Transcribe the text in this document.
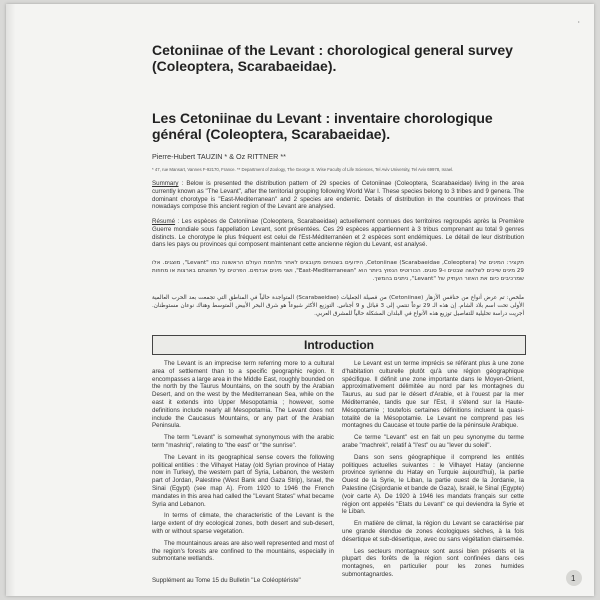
·
Cetoniinae of the Levant : chorological general survey (Coleoptera, Scarabaeidae).
Les Cetoniinae du Levant : inventaire chorologique général (Coleoptera, Scarabaeidae).
Pierre-Hubert TAUZIN * & Oz RITTNER **
* 47, rue Mansart, Vannes F-92170, France. ** Department of Zoology, The George S. Wise Faculty of Life Sciences, Tel Aviv University, Tel Aviv 69978, Israel.
Summary : Below is presented the distribution pattern of 29 species of Cetoniinae (Coleoptera, Scarabaeidae) living in the area currently known as "The Levant", after the territorial grouping following World War I. These species belong to 3 tribes and 9 genera. The dominant chorotype is "East-Mediterranean" and 2 species are endemic. Details of distribution in the countries or provinces that nowadays compose this ancient region of the Levant are analysed.
Résumé : Les espèces de Cetoniinae (Coleoptera, Scarabaeidae) actuellement connues des territoires regroupés après la Première Guerre mondiale sous l'appellation Levant, sont présentées. Ces 29 espèces appartiennent à 3 tribus comprenant au total 9 genres distincts. Le chorotype le plus fréquent est celui de l'Est-Méditerranéen et 2 espèces sont endémiques. Le détail de leur distribution dans les pays ou provinces qui composent maintenant cette ancienne région du Levant, est analysé.
תקציר: המינים של (Scarabaeidae ,Coleoptera) Cetoniinae, הידועים בשטחים מקובצים לאחר מלחמת העולם הראשונה כמו "Levant", מוצגים. אלו 29 מינים שייכים לשלושה שבטים ו-9 סוגים. הכורוטיפ הנפוץ ביותר הוא "East-Mediterranean", ושני מינים אנדמים. הפרטים על תפוצתם בארצות או מחוזות שמרכיבים כיום את האזור העתיק של "Levant", ניתנים בהמשך.
ملخص: تم عرض أنواع من خنافس الأزهار (Cetoniinae) من فصيلة الجعليات (Scarabaeidae) المتواجدة حالياً في المناطق التي تجمعت بعد الحرب العالمية الأولى تحت اسم بلاد الشام. إن هذه الـ 29 نوعاً تنتمي إلى 3 قبائل و 9 أجناس. التوزيع الأكثر شيوعاً هو شرق البحر الأبيض المتوسط وهناك نوعان مستوطنان. أجريت دراسة تحليلية للتفاصيل توزيع هذه الأنواع في البلدان المشكلة حالياً للمشرق العربي.
Introduction

The Levant is an imprecise term referring more to a cultural area of settlement than to a specific geographic region. It encompasses a large area in the Middle East, roughly bounded on the north by the Taurus Mountains, on the south by the Arabian Desert, and on the west by the Mediterranean Sea, while on the east it extends into Upper Mesopotamia ; however, some definitions include nearly all Mesopotamia. The Levant does not include the Caucasus Mountains, or any part of the Arabian Peninsula.

The term "Levant" is somewhat synonymous with the arabic term "mashriq", relating to "the east" or "the sunrise".

The Levant in its geographical sense covers the following political entities : the Vilhayet Hatay (old Syrian province of Hatay now in Turkey), the western part of Syria, Lebanon, the western part of Jordan, Palestine (West Bank and Gaza Strip), Israel, the Sinai (Egypt) (see map A). From 1920 to 1946 the French mandates in this area had called the "Levant States" what became Syria and Lebanon.

In terms of climate, the characteristic of the Levant is the large extent of dry ecological zones, both desert and sub-desert, with or without sparse vegetation.

The mountainous areas are also well represented and most of the region's forests are confined to the mountains, especially in submontane wetlands.

Le Levant est un terme imprécis se référant plus à une zone d'habitation culturelle plutôt qu'à une région géographique spécifique. Il définit une zone importante dans le Moyen-Orient, approximativement délimitée au nord par les montagnes du Taurus, au sud par le désert d'Arabie, et à l'ouest par la mer Méditerranée, tandis que sur l'Est, il s'étend sur la Haute-Mésopotamie ; toutefois certaines définitions incluent la quasi-totalité de la Mésopotamie. Le Levant ne comprend pas les montagnes du Caucase et toute partie de la péninsule Arabique.

Ce terme "Levant" est en fait un peu synonyme du terme arabe "machrek", relatif à "l'est" ou au "lever du soleil".

Dans son sens géographique il comprend les entités politiques actuelles suivantes : le Vilhayet Hatay (ancienne province syrienne du Hatay en Turquie aujourd'hui), la partie Ouest de la Syrie, le Liban, la partie ouest de la Jordanie, la Palestine (Cisjordanie et bande de Gaza), Israël, le Sinaï (Egypte) (voir carte A). De 1920 à 1946 les mandats français sur cette région ont appelés "Etats du Levant" ce qui deviendra la Syrie et le Liban.

En matière de climat, la région du Levant se caractérise par une grande étendue de zones écologiques sèches, à la fois désertique et sub-désertique, avec ou sans végétation clairsemée.

Les secteurs montagneux sont aussi bien présents et la plupart des forêts de la région sont confinées dans ces montagnes, en particulier pour les zones humides submontagnardes.

Supplément au Tome 15 du Bulletin "Le Coléoptériste"	1
